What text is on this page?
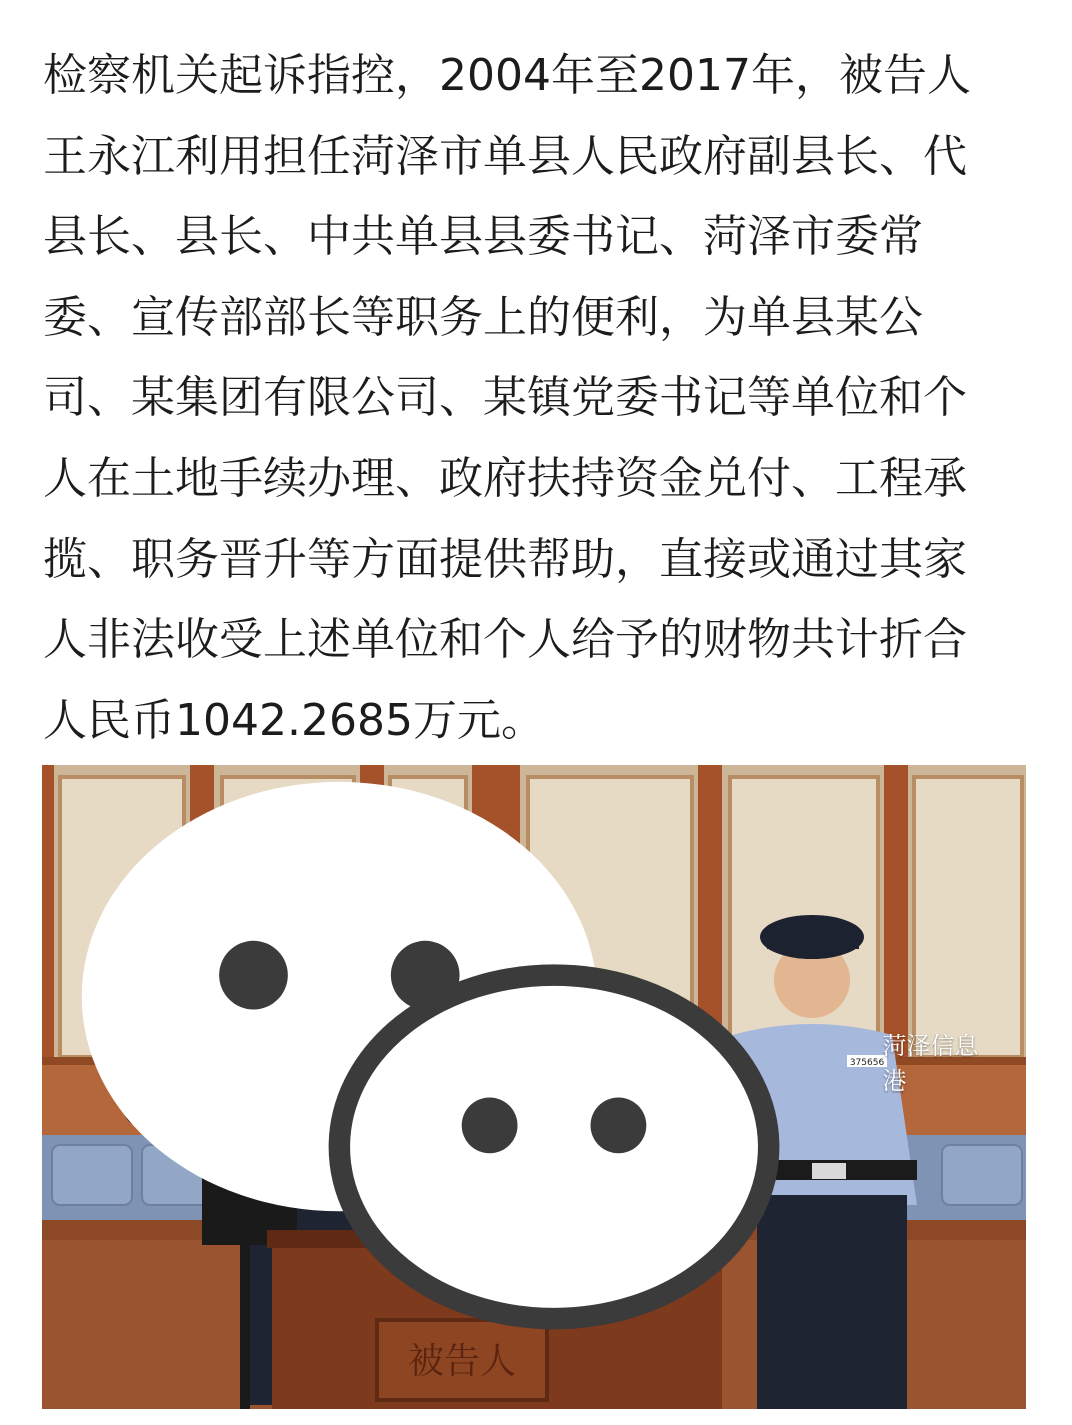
检察机关起诉指控，2004年至2017年，被告人
王永江利用担任菏泽市单县人民政府副县长、代
县长、县长、中共单县县委书记、菏泽市委常
委、宣传部部长等职务上的便利，为单县某公
司、某集团有限公司、某镇党委书记等单位和个
人在土地手续办理、政府扶持资金兑付、工程承
揽、职务晋升等方面提供帮助，直接或通过其家
人非法收受上述单位和个人给予的财物共计折合
人民币1042.2685万元。

被告人
375656
菏泽信息港
